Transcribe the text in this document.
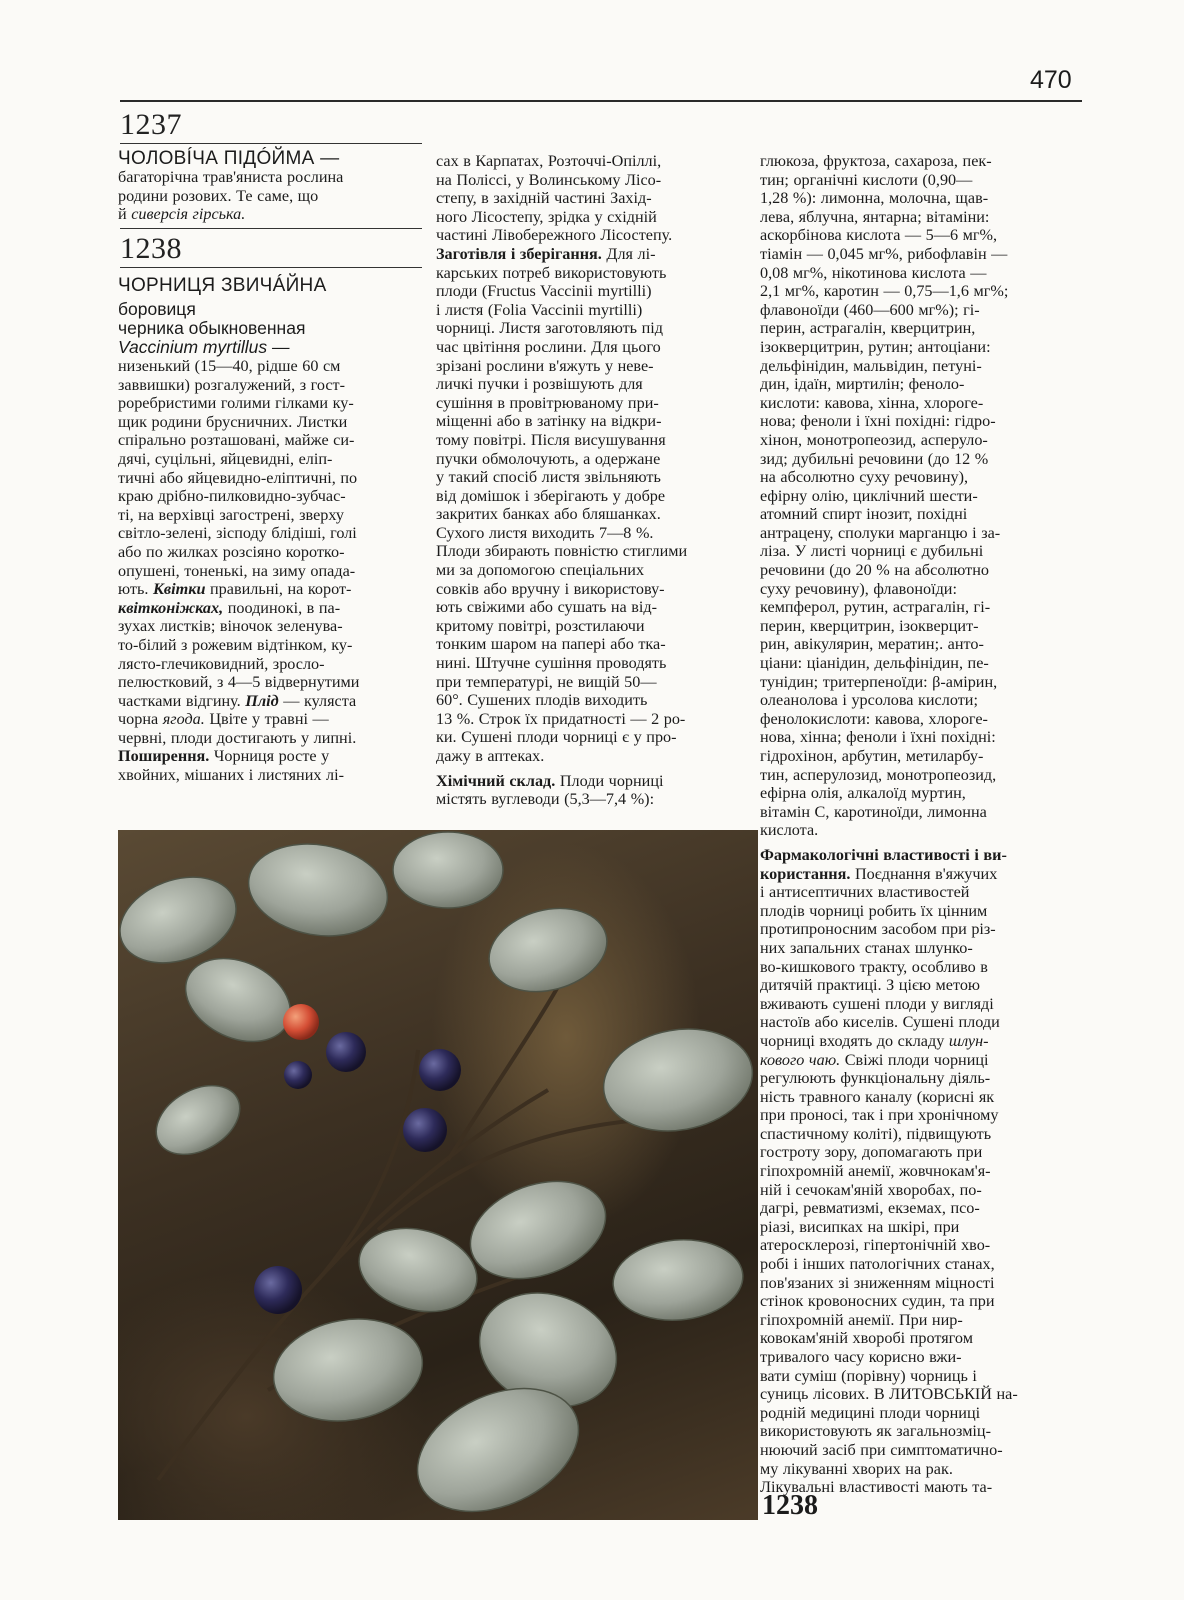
470
1237
ЧОЛОВÍЧА ПІДÓЙМА —
багаторічна трав'яниста рослина
родини розових. Те саме, що
й сиверсія гірська.
1238
ЧОРНИЦЯ ЗВИЧÁЙНА
боровиця
черника обыкновенная
Vaccinium myrtillus —
низенький (15—40, рідше 60 см
заввишки) розгалужений, з гост-
роребристими голими гілками ку-
щик родини брусничних. Листки
спірально розташовані, майже си-
дячі, суцільні, яйцевидні, еліп-
тичні або яйцевидно-еліптичні, по
краю дрібно-пилковидно-зубчас-
ті, на верхівці загострені, зверху
світло-зелені, зісподу блідіші, голі
або по жилках розсіяно коротко-
опушені, тоненькі, на зиму опада-
ють. Квітки правильні, на корот-
квітконіжках, поодинокі, в па-
зухах листків; віночок зеленува-
то-білий з рожевим відтінком, ку-
лясто-глечиковидний, зросло-
пелюстковий, з 4—5 відвернутими
частками відгину. Плід — куляста
чорна ягода. Цвіте у травні —
червні, плоди достигають у липні.
Поширення. Чорниця росте у
хвойних, мішаних і листяних лі-
сах в Карпатах, Розточчі-Опіллі,
на Поліссі, у Волинському Лісо-
степу, в західній частині Захід-
ного Лісостепу, зрідка у східній
частині Лівобережного Лісостепу.
Заготівля і зберігання. Для лі-
карських потреб використовують
плоди (Fructus Vaccinii myrtilli)
і листя (Folia Vaccinii myrtilli)
чорниці. Листя заготовляють під
час цвітіння рослини. Для цього
зрізані рослини в'яжуть у неве-
личкі пучки і розвішують для
сушіння в провітрюваному при-
міщенні або в затінку на відкри-
тому повітрі. Після висушування
пучки обмолочують, а одержане
у такий спосіб листя звільняють
від домішок і зберігають у добре
закритих банках або бляшанках.
Сухого листя виходить 7—8 %.
Плоди збирають повністю стиглими
ми за допомогою спеціальних
совків або вручну і використову-
ють свіжими або сушать на від-
критому повітрі, розстилаючи
тонким шаром на папері або тка-
нині. Штучне сушіння проводять
при температурі, не вищій 50—
60°. Сушених плодів виходить
13 %. Строк їх придатності — 2 ро-
ки. Сушені плоди чорниці є у про-
дажу в аптеках.
Хімічний склад. Плоди чорниці
містять вуглеводи (5,3—7,4 %):
глюкоза, фруктоза, сахароза, пек-
тин; органічні кислоти (0,90—
1,28 %): лимонна, молочна, щав-
левa, яблучна, янтарна; вітаміни:
аскорбінова кислота — 5—6 мг%,
тіамін — 0,045 мг%, рибофлавін —
0,08 мг%, нікотинова кислота —
2,1 мг%, каротин — 0,75—1,6 мг%;
флавоноїди (460—600 мг%); гі-
перин, астрагалін, кверцитрин,
ізокверцитрин, рутин; антоціани:
дельфінідин, мальвідин, петуні-
дин, ідаїн, миртилін; феноло-
кислоти: кавова, хінна, хлороге-
нова; феноли і їхні похідні: гідро-
хінон, монотропеозид, асперуло-
зид; дубильні речовини (до 12 %
на абсолютно суху речовину),
ефірну олію, циклічний шести-
атомний спирт інозит, похідні
антрацену, сполуки марганцю і за-
ліза. У листі чорниці є дубильні
речовини (до 20 % на абсолютно
суху речовину), флавоноїди:
кемпферол, рутин, астрагалін, гі-
перин, кверцитрин, ізокверцит-
рин, авікулярин, мератин;. анто-
ціани: ціанідин, дельфінідин, пе-
тунідин; тритерпеноїди: β-амірин,
олеанолова і урсолова кислоти;
фенолокислоти: кавова, хлороге-
нова, хінна; феноли і їхні похідні:
гідрохінон, арбутин, метиларбу-
тин, асперулозид, монотропеозид,
ефірна олія, алкалоїд муртин,
вітамін С, каротиноїди, лимонна
кислота.
Фармакологічні властивості і ви-
користання. Поєднання в'яжучих
і антисептичних властивостей
плодів чорниці робить їх цінним
протипроносним засобом при різ-
них запальних станах шлунко-
во-кишкового тракту, особливо в
дитячій практиці. З цією метою
вживають сушені плоди у вигляді
настоїв або киселів. Сушені плоди
чорниці входять до складу шлун-
кового чаю. Свіжі плоди чорниці
регулюють функціональну діяль-
ність травного каналу (корисні як
при проносі, так і при хронічному
спастичному коліті), підвищують
гостроту зору, допомагають при
гіпохромній анемії, жовчнокам'я-
ній і сечокам'яній хворобах, по-
дагрі, ревматизмі, екземах, псо-
ріазі, висипках на шкірі, при
атеросклерозі, гіпертонічній хво-
робі і інших патологічних станах,
пов'язаних зі зниженням міцності
стінок кровоносних судин, та при
гіпохромній анемії. При нир-
ковокам'яній хворобі протягом
тривалого часу корисно вжи-
вати суміш (порівну) чорниць і
суниць лісових. В ЛИТОВСЬКІЙ на-
родній медицині плоди чорниці
використовують як загальнозміц-
нюючий засіб при симптоматично-
му лікуванні хворих на рак.
Лікувальні властивості мають та-
1238
